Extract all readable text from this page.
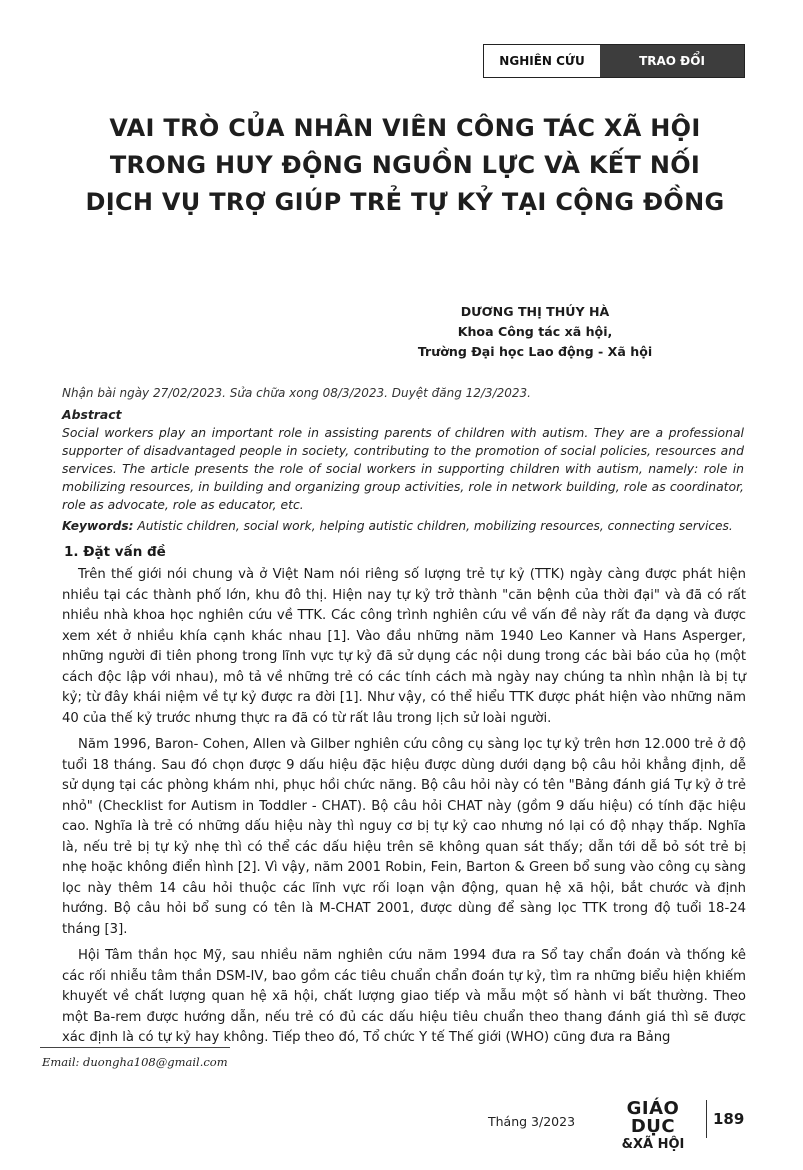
NGHIÊN CỨU	TRAO ĐỔI
VAI TRÒ CỦA NHÂN VIÊN CÔNG TÁC XÃ HỘI
TRONG HUY ĐỘNG NGUỒN LỰC VÀ KẾT NỐI
DỊCH VỤ TRỢ GIÚP TRẺ TỰ KỶ TẠI CỘNG ĐỒNG
DƯƠNG THỊ THÚY HÀ
Khoa Công tác xã hội,
Trường Đại học Lao động - Xã hội
Nhận bài ngày 27/02/2023. Sửa chữa xong 08/3/2023. Duyệt đăng 12/3/2023.
Abstract
Social workers play an important role in assisting parents of children with autism. They are a professional supporter of disadvantaged people in society, contributing to the promotion of social policies, resources and services. The article presents the role of social workers in supporting children with autism, namely: role in mobilizing resources, in building and organizing group activities, role in network building, role as coordinator, role as advocate, role as educator, etc.
Keywords: Autistic children, social work, helping autistic children, mobilizing resources, connecting services.
1. Đặt vấn đề

Trên thế giới nói chung và ở Việt Nam nói riêng số lượng trẻ tự kỷ (TTK) ngày càng được phát hiện nhiều tại các thành phố lớn, khu đô thị. Hiện nay tự kỷ trở thành "căn bệnh của thời đại" và đã có rất nhiều nhà khoa học nghiên cứu về TTK. Các công trình nghiên cứu về vấn đề này rất đa dạng và được xem xét ở nhiều khía cạnh khác nhau [1]. Vào đầu những năm 1940 Leo Kanner và Hans Asperger, những người đi tiên phong trong lĩnh vực tự kỷ đã sử dụng các nội dung trong các bài báo của họ (một cách độc lập với nhau), mô tả về những trẻ có các tính cách mà ngày nay chúng ta nhìn nhận là bị tự kỷ; từ đây khái niệm về tự kỷ được ra đời [1]. Như vậy, có thể hiểu TTK được phát hiện vào những năm 40 của thế kỷ trước nhưng thực ra đã có từ rất lâu trong lịch sử loài người.

Năm 1996, Baron- Cohen, Allen và Gilber nghiên cứu công cụ sàng lọc tự kỷ trên hơn 12.000 trẻ ở độ tuổi 18 tháng. Sau đó chọn được 9 dấu hiệu đặc hiệu được dùng dưới dạng bộ câu hỏi khẳng định, dễ sử dụng tại các phòng khám nhi, phục hồi chức năng. Bộ câu hỏi này có tên "Bảng đánh giá Tự kỷ ở trẻ nhỏ" (Checklist for Autism in Toddler - CHAT). Bộ câu hỏi CHAT này (gồm 9 dấu hiệu) có tính đặc hiệu cao. Nghĩa là trẻ có những dấu hiệu này thì nguy cơ bị tự kỷ cao nhưng nó lại có độ nhạy thấp. Nghĩa là, nếu trẻ bị tự kỷ nhẹ thì có thể các dấu hiệu trên sẽ không quan sát thấy; dẫn tới dễ bỏ sót trẻ bị nhẹ hoặc không điển hình [2]. Vì vậy, năm 2001 Robin, Fein, Barton & Green bổ sung vào công cụ sàng lọc này thêm 14 câu hỏi thuộc các lĩnh vực rối loạn vận động, quan hệ xã hội, bắt chước và định hướng. Bộ câu hỏi bổ sung có tên là M-CHAT 2001, được dùng để sàng lọc TTK trong độ tuổi 18-24 tháng [3].

Hội Tâm thần học Mỹ, sau nhiều năm nghiên cứu năm 1994 đưa ra Sổ tay chẩn đoán và thống kê các rối nhiễu tâm thần DSM-IV, bao gồm các tiêu chuẩn chẩn đoán tự kỷ, tìm ra những biểu hiện khiếm khuyết về chất lượng quan hệ xã hội, chất lượng giao tiếp và mẫu một số hành vi bất thường. Theo một Ba-rem được hướng dẫn, nếu trẻ có đủ các dấu hiệu tiêu chuẩn theo thang đánh giá thì sẽ được xác định là có tự kỷ hay không. Tiếp theo đó, Tổ chức Y tế Thế giới (WHO) cũng đưa ra Bảng

Email: duongha108@gmail.com
Tháng 3/2023
GIÁO DỤC
&XÃ HỘI
189
